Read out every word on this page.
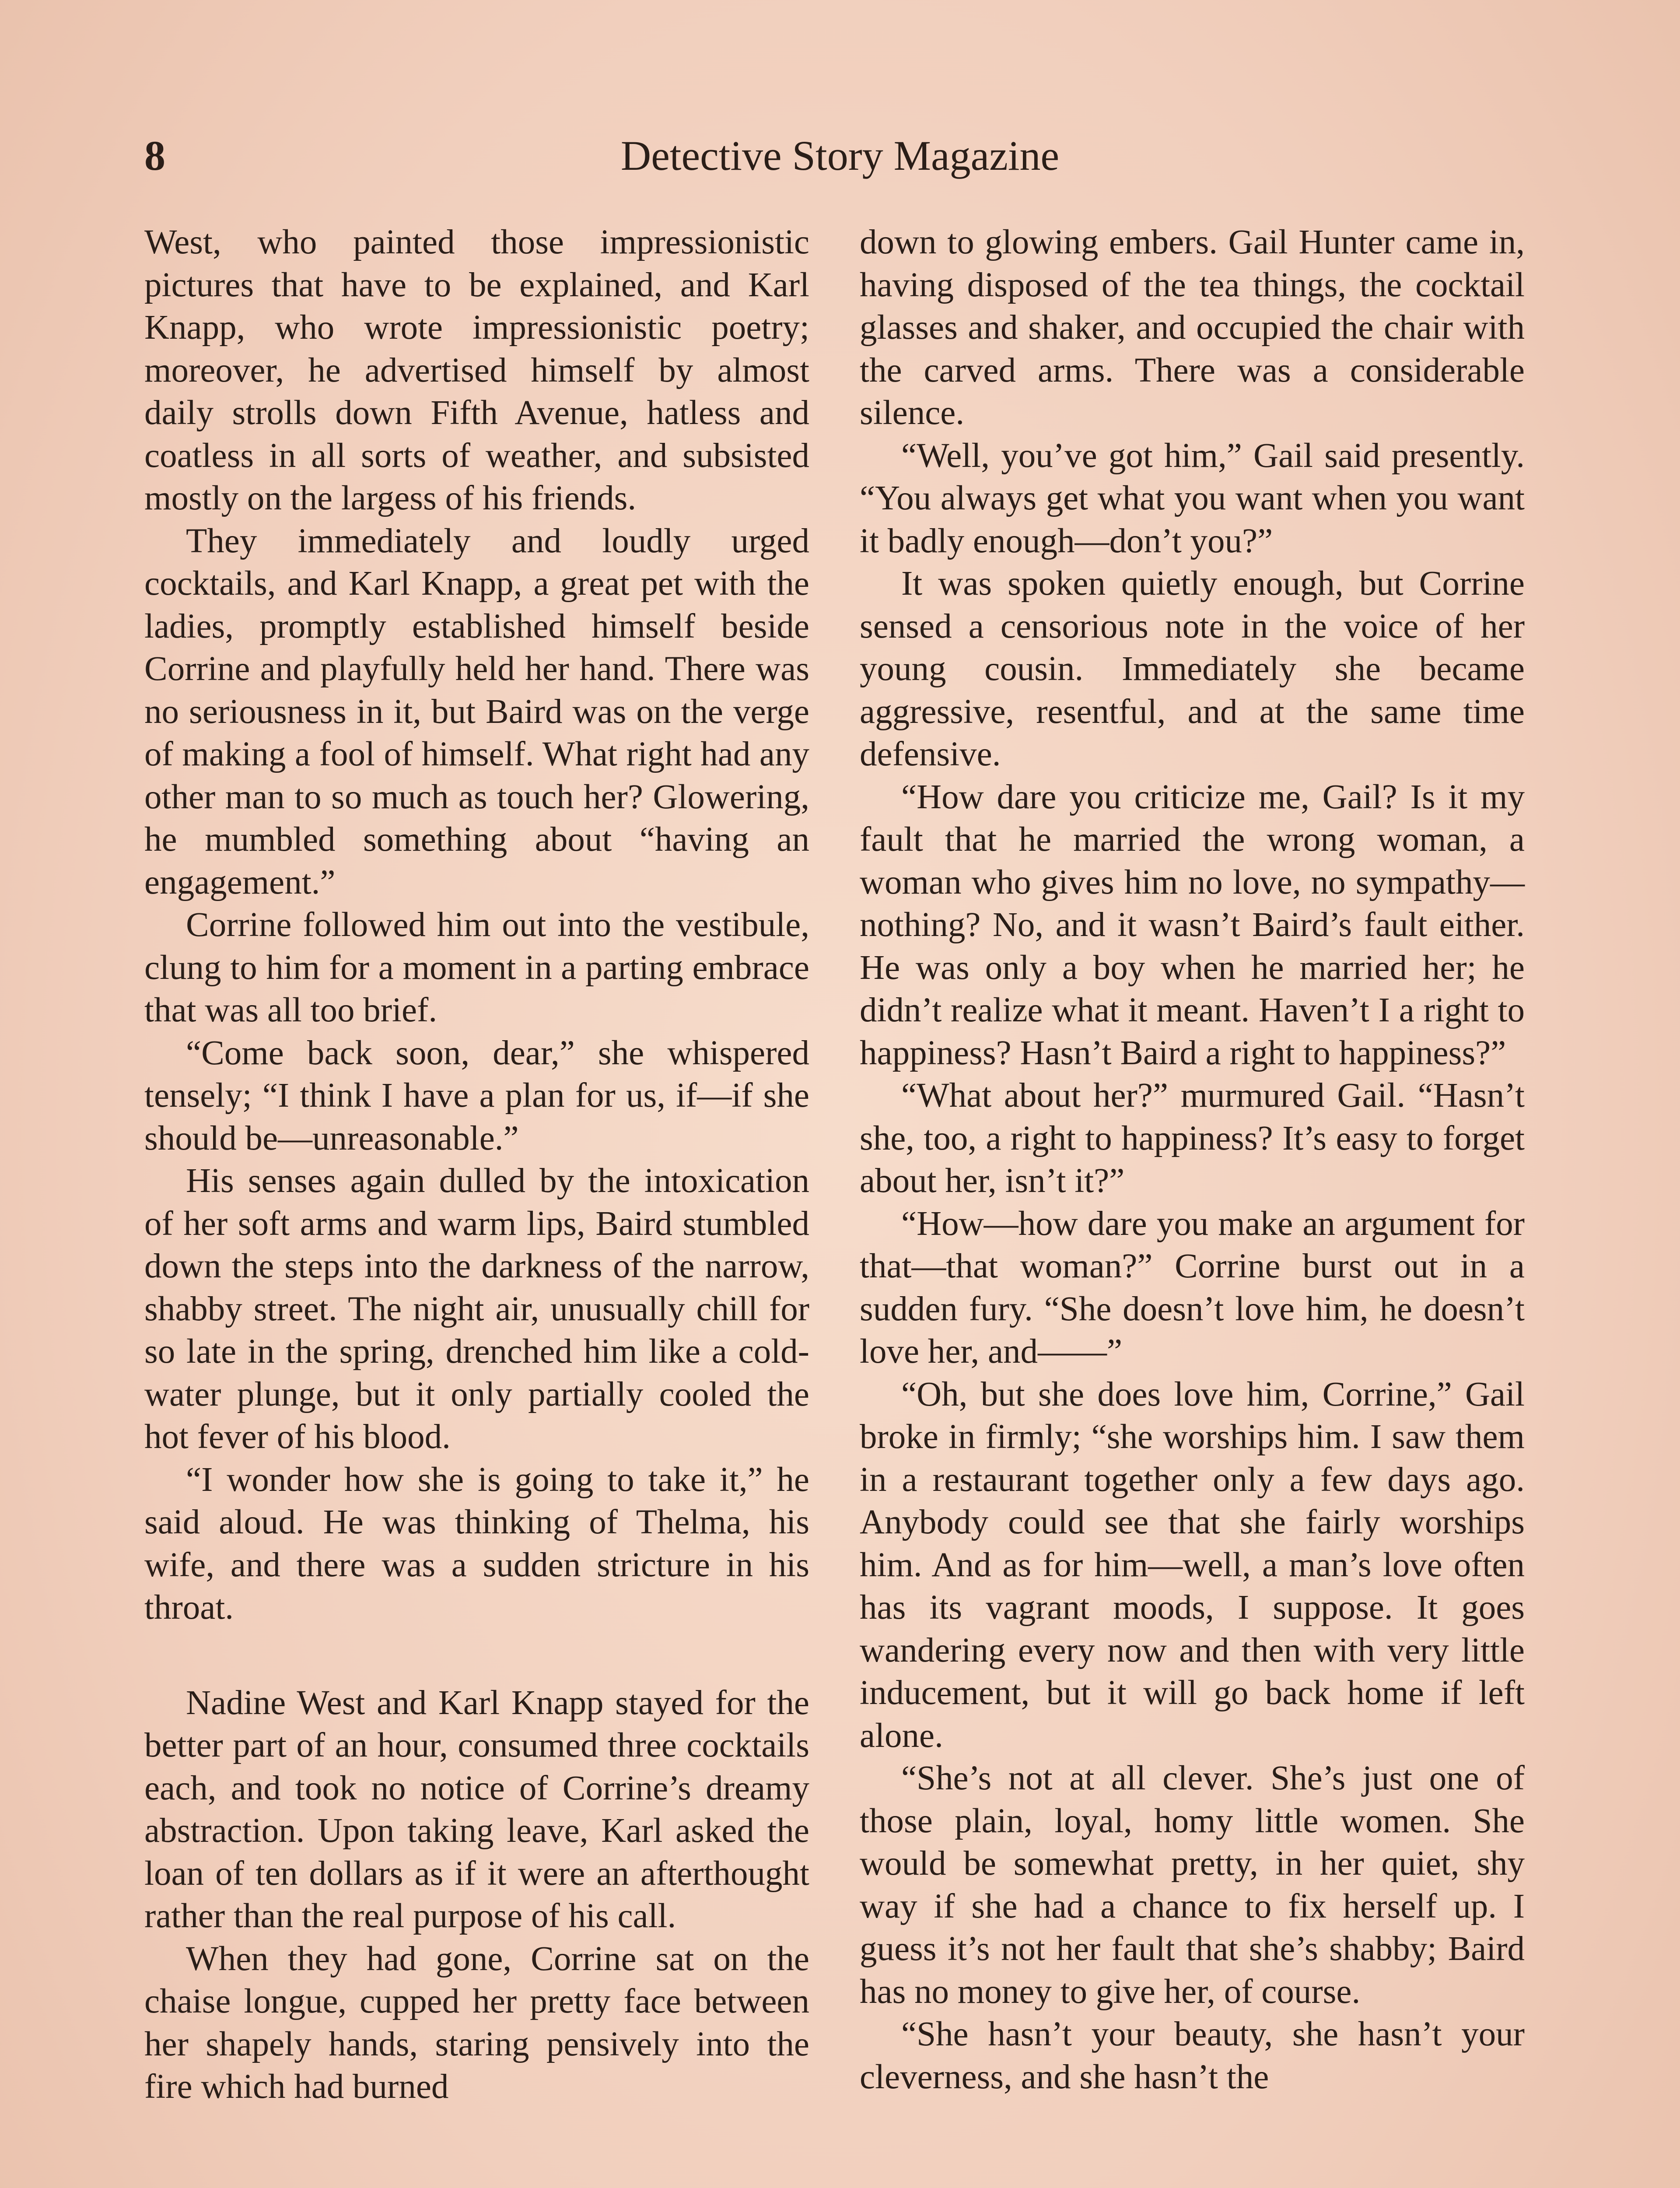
8	Detective Story Magazine

West, who painted those impressionistic pictures that have to be explained, and Karl Knapp, who wrote impressionistic poetry; moreover, he advertised himself by almost daily strolls down Fifth Avenue, hatless and coatless in all sorts of weather, and subsisted mostly on the largess of his friends.

They immediately and loudly urged cocktails, and Karl Knapp, a great pet with the ladies, promptly established himself beside Corrine and playfully held her hand. There was no seriousness in it, but Baird was on the verge of making a fool of himself. What right had any other man to so much as touch her? Glowering, he mumbled something about “having an engagement.”

Corrine followed him out into the vestibule, clung to him for a moment in a parting embrace that was all too brief.

“Come back soon, dear,” she whispered tensely; “I think I have a plan for us, if—if she should be—unreasonable.”

His senses again dulled by the intoxication of her soft arms and warm lips, Baird stumbled down the steps into the darkness of the narrow, shabby street. The night air, unusually chill for so late in the spring, drenched him like a cold-water plunge, but it only partially cooled the hot fever of his blood.

“I wonder how she is going to take it,” he said aloud. He was thinking of Thelma, his wife, and there was a sudden stricture in his throat.

Nadine West and Karl Knapp stayed for the better part of an hour, consumed three cocktails each, and took no notice of Corrine’s dreamy abstraction. Upon taking leave, Karl asked the loan of ten dollars as if it were an afterthought rather than the real purpose of his call.

When they had gone, Corrine sat on the chaise longue, cupped her pretty face between her shapely hands, staring pensively into the fire which had burned

down to glowing embers. Gail Hunter came in, having disposed of the tea things, the cocktail glasses and shaker, and occupied the chair with the carved arms. There was a considerable silence.

“Well, you’ve got him,” Gail said presently. “You always get what you want when you want it badly enough—don’t you?”

It was spoken quietly enough, but Corrine sensed a censorious note in the voice of her young cousin. Immediately she became aggressive, resentful, and at the same time defensive.

“How dare you criticize me, Gail? Is it my fault that he married the wrong woman, a woman who gives him no love, no sympathy—nothing? No, and it wasn’t Baird’s fault either. He was only a boy when he married her; he didn’t realize what it meant. Haven’t I a right to happiness? Hasn’t Baird a right to happiness?”

“What about her?” murmured Gail. “Hasn’t she, too, a right to happiness? It’s easy to forget about her, isn’t it?”

“How—how dare you make an argument for that—that woman?” Corrine burst out in a sudden fury. “She doesn’t love him, he doesn’t love her, and——”

“Oh, but she does love him, Corrine,” Gail broke in firmly; “she worships him. I saw them in a restaurant together only a few days ago. Anybody could see that she fairly worships him. And as for him—well, a man’s love often has its vagrant moods, I suppose. It goes wandering every now and then with very little inducement, but it will go back home if left alone.

“She’s not at all clever. She’s just one of those plain, loyal, homy little women. She would be somewhat pretty, in her quiet, shy way if she had a chance to fix herself up. I guess it’s not her fault that she’s shabby; Baird has no money to give her, of course.

“She hasn’t your beauty, she hasn’t your cleverness, and she hasn’t the
